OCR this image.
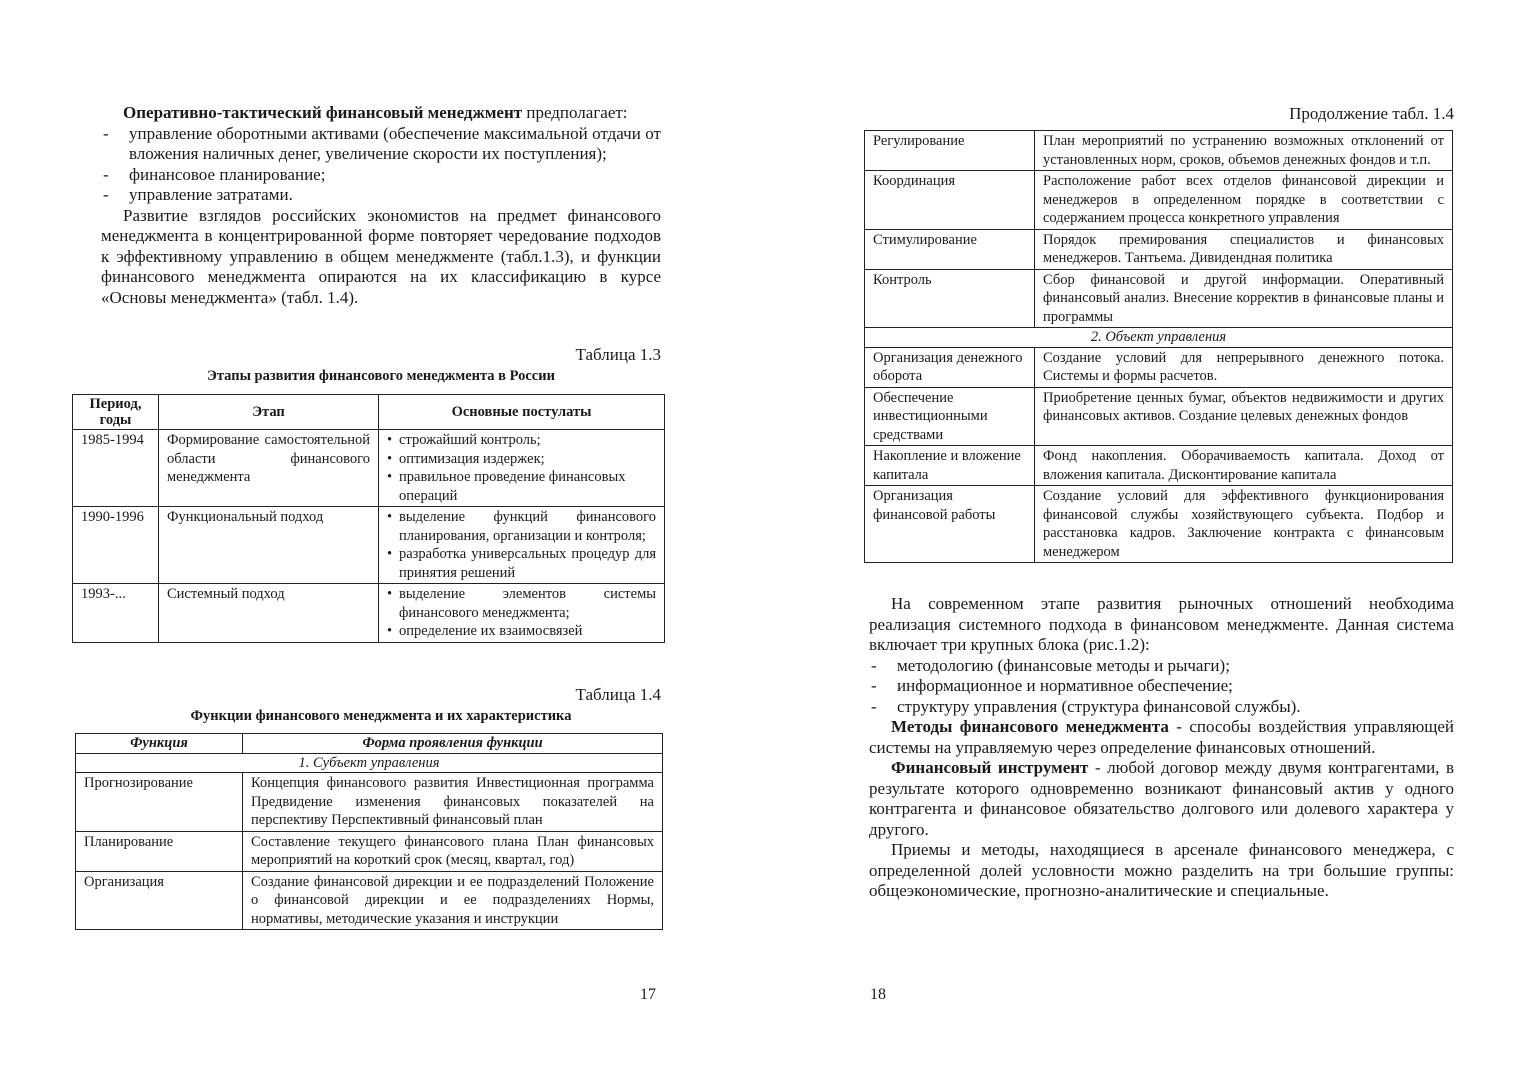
Оперативно-тактический финансовый менеджмент предполагает:

- управление оборотными активами (обеспечение максимальной отдачи от вложения наличных денег, увеличение скорости их поступления);
- финансовое планирование;
- управление затратами.

Развитие взглядов российских экономистов на предмет финансового менеджмента в концентрированной форме повторяет чередование подходов к эффективному управлению в общем менеджменте (табл.1.3), и функции финансового менеджмента опираются на их классификацию в курсе «Основы менеджмента» (табл. 1.4).

Таблица 1.3

Этапы развития финансового менеджмента в России

Период, годы	Этап	Основные постулаты
1985-1994	Формирование самостоятельной области финансового менеджмента	• строжайший контроль;
• оптимизация издержек;
• правильное проведение финансовых операций

1990-1996	Функциональный подход	• выделение функций финансового планирования, организации и контроля;
• разработка универсальных процедур для принятия решений

1993-...	Системный подход	• выделение элементов системы финансового менеджмента;
• определение их взаимосвязей

Таблица 1.4

Функции финансового менеджмента и их характеристика

Функция	Форма проявления функции
1. Субъект управления	
Прогнозирование	Концепция финансового развития Инвестиционная программа Предвидение изменения финансовых показателей на перспективу Перспективный финансовый план
Планирование	Составление текущего финансового плана План финансовых мероприятий на короткий срок (месяц, квартал, год)
Организация	Создание финансовой дирекции и ее подразделений Положение о финансовой дирекции и ее подразделениях Нормы, нормативы, методические указания и инструкции
17

Продолжение табл. 1.4

Регулирование	План мероприятий по устранению возможных отклонений от установленных норм, сроков, объемов денежных фондов и т.п.
Координация	Расположение работ всех отделов финансовой дирекции и менеджеров в определенном порядке в соответствии с содержанием процесса конкретного управления
Стимулирование	Порядок премирования специалистов и финансовых менеджеров. Тантьема. Дивидендная политика
Контроль	Сбор финансовой и другой информации. Оперативный финансовый анализ. Внесение корректив в финансовые планы и программы
2. Объект управления	
Организация денежного оборота	Создание условий для непрерывного денежного потока. Системы и формы расчетов.
Обеспечение инвестиционными средствами	Приобретение ценных бумаг, объектов недвижимости и других финансовых активов. Создание целевых денежных фондов
Накопление и вложение капитала	Фонд накопления. Оборачиваемость капитала. Доход от вложения капитала. Дисконтирование капитала
Организация финансовой работы	Создание условий для эффективного функционирования финансовой службы хозяйствующего субъекта. Подбор и расстановка кадров. Заключение контракта с финансовым менеджером

На современном этапе развития рыночных отношений необходима реализация системного подхода в финансовом менеджменте. Данная система включает три крупных блока (рис.1.2):

- методологию (финансовые методы и рычаги);
- информационное и нормативное обеспечение;
- структуру управления (структура финансовой службы).

Методы финансового менеджмента - способы воздействия управляющей системы на управляемую через определение финансовых отношений.

Финансовый инструмент - любой договор между двумя контрагентами, в результате которого одновременно возникают финансовый актив у одного контрагента и финансовое обязательство долгового или долевого характера у другого.

Приемы и методы, находящиеся в арсенале финансового менеджера, с определенной долей условности можно разделить на три большие группы: общеэкономические, прогнозно-аналитические и специальные.

18
